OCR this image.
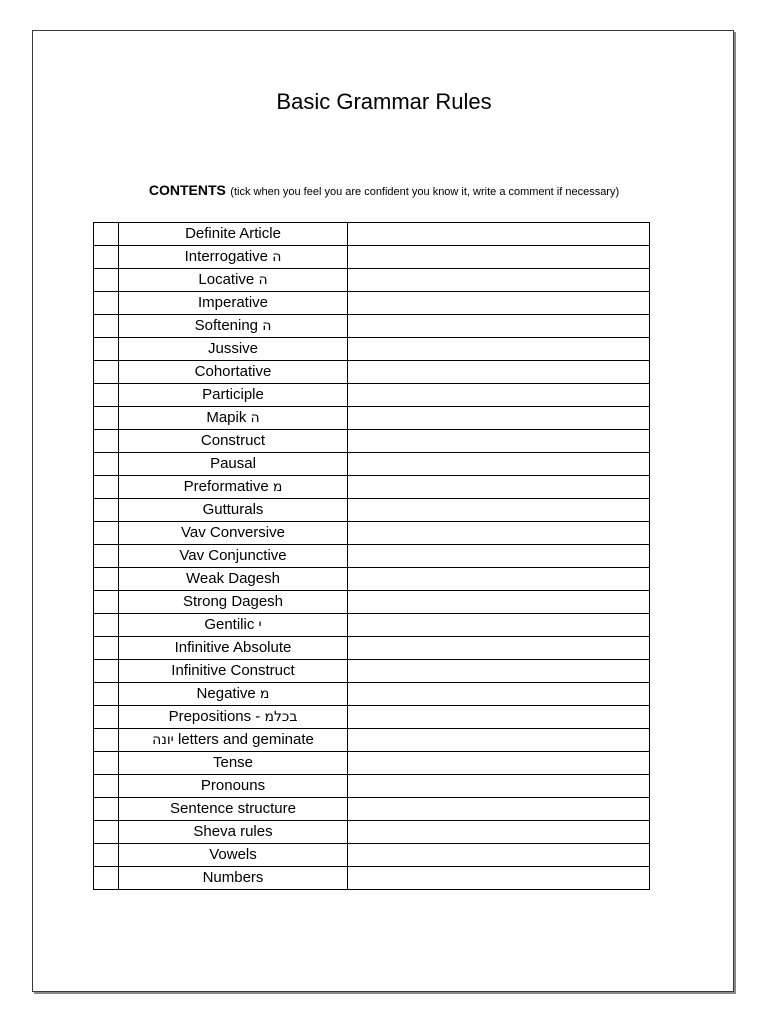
Basic Grammar Rules
CONTENTS (tick when you feel you are confident you know it, write a comment if necessary)
	Definite Article	
	Interrogative ה	
	Locative ה	
	Imperative	
	Softening ה	
	Jussive	
	Cohortative	
	Participle	
	Mapik ה	
	Construct	
	Pausal	
	Preformative מ	
	Gutturals	
	Vav Conversive	
	Vav Conjunctive	
	Weak Dagesh	
	Strong Dagesh	
	Gentilic י	
	Infinitive Absolute	
	Infinitive Construct	
	Negative מ	
	Prepositions - בכלמ	
	יונה letters and geminate	
	Tense	
	Pronouns	
	Sentence structure	
	Sheva rules	
	Vowels	
	Numbers	
